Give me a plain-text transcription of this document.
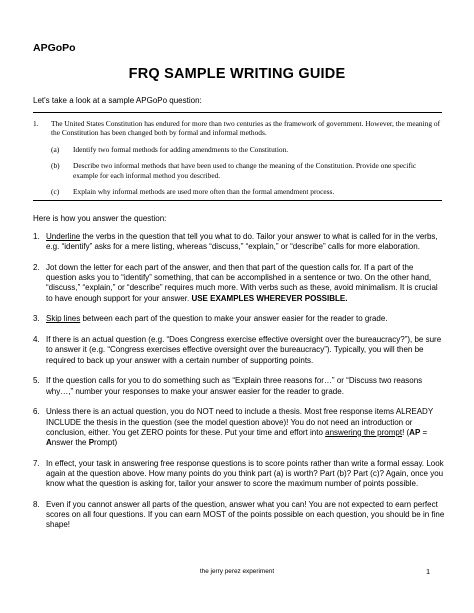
APGoPo
FRQ SAMPLE WRITING GUIDE
Let's take a look at a sample APGoPo question:
1.	The United States Constitution has endured for more than two centuries as the framework of government. However, the meaning of the Constitution has been changed both by formal and informal methods.
(a)	Identify two formal methods for adding amendments to the Constitution.
(b)	Describe two informal methods that have been used to change the meaning of the Constitution. Provide one specific example for each informal method you described.
(c)	Explain why informal methods are used more often than the formal amendment process.
Here is how you answer the question:
1. Underline the verbs in the question that tell you what to do. Tailor your answer to what is called for in the verbs, e.g. “identify” asks for a mere listing, whereas “discuss,” “explain,” or “describe” calls for more elaboration.
2. Jot down the letter for each part of the answer, and then that part of the question calls for. If a part of the question asks you to “identify” something, that can be accomplished in a sentence or two. On the other hand, “discuss,” “explain,” or “describe” requires much more. With verbs such as these, avoid minimalism. It is crucial to have enough support for your answer. USE EXAMPLES WHEREVER POSSIBLE.
3. Skip lines between each part of the question to make your answer easier for the reader to grade.
4. If there is an actual question (e.g. “Does Congress exercise effective oversight over the bureaucracy?”), be sure to answer it (e.g. “Congress exercises effective oversight over the bureaucracy”). Typically, you will then be required to back up your answer with a certain number of supporting points.
5. If the question calls for you to do something such as “Explain three reasons for…” or “Discuss two reasons why…,” number your responses to make your answer easier for the reader to grade.
6. Unless there is an actual question, you do NOT need to include a thesis. Most free response items ALREADY INCLUDE the thesis in the question (see the model question above)! You do not need an introduction or conclusion, either. You get ZERO points for these. Put your time and effort into answering the prompt! (AP = Answer the Prompt)
7. In effect, your task in answering free response questions is to score points rather than write a formal essay. Look again at the question above. How many points do you think part (a) is worth? Part (b)? Part (c)? Again, once you know what the question is asking for, tailor your answer to score the maximum number of points possible.
8. Even if you cannot answer all parts of the question, answer what you can! You are not expected to earn perfect scores on all four questions. If you can earn MOST of the points possible on each question, you should be in fine shape!
the jerry perez experiment	1
